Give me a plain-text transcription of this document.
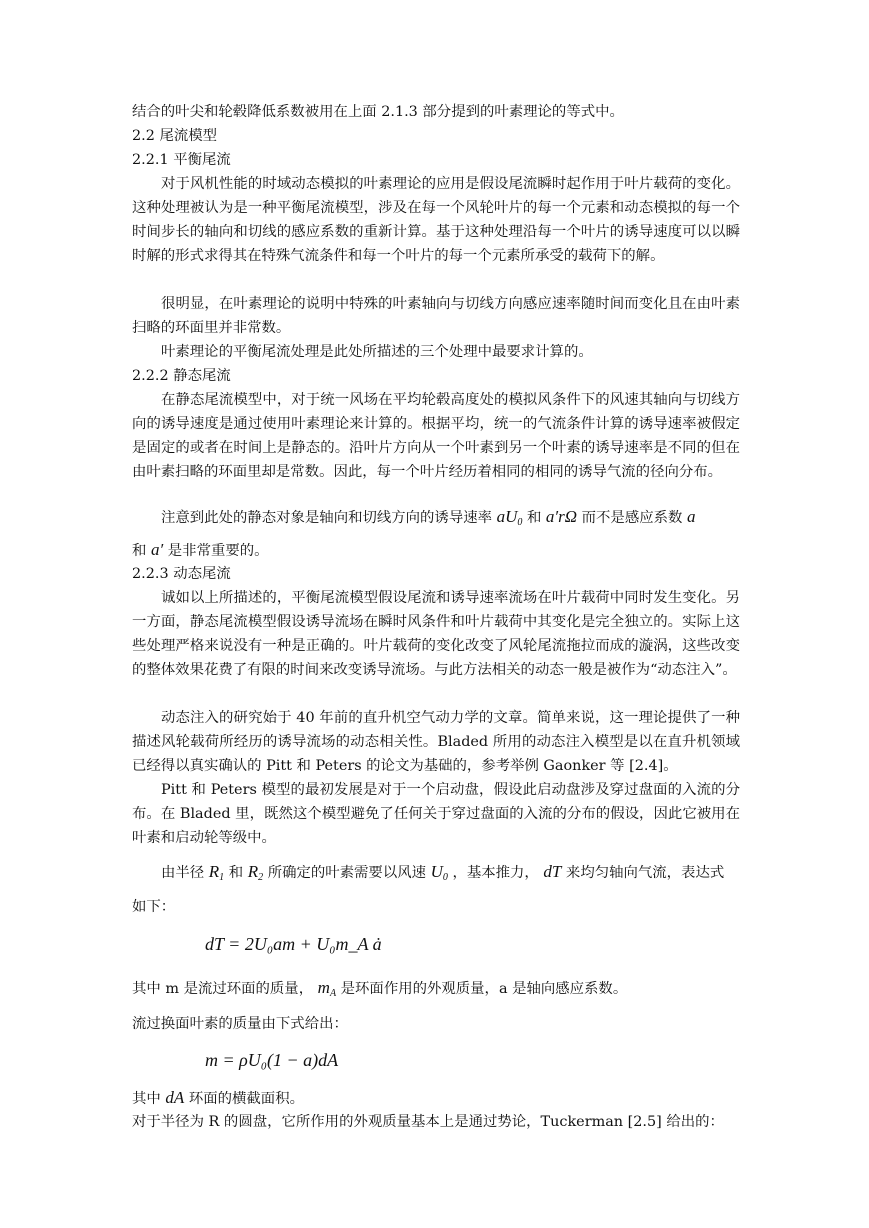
结合的叶尖和轮毂降低系数被用在上面 2.1.3 部分提到的叶素理论的等式中。

2.2 尾流模型

2.2.1 平衡尾流

对于风机性能的时域动态模拟的叶素理论的应用是假设尾流瞬时起作用于叶片载荷的变化。这种处理被认为是一种平衡尾流模型，涉及在每一个风轮叶片的每一个元素和动态模拟的每一个时间步长的轴向和切线的感应系数的重新计算。基于这种处理沿每一个叶片的诱导速度可以以瞬时解的形式求得其在特殊气流条件和每一个叶片的每一个元素所承受的载荷下的解。

很明显，在叶素理论的说明中特殊的叶素轴向与切线方向感应速率随时间而变化且在由叶素扫略的环面里并非常数。

叶素理论的平衡尾流处理是此处所描述的三个处理中最要求计算的。

2.2.2 静态尾流

在静态尾流模型中，对于统一风场在平均轮毂高度处的模拟风条件下的风速其轴向与切线方向的诱导速度是通过使用叶素理论来计算的。根据平均，统一的气流条件计算的诱导速率被假定是固定的或者在时间上是静态的。沿叶片方向从一个叶素到另一个叶素的诱导速率是不同的但在由叶素扫略的环面里却是常数。因此，每一个叶片经历着相同的相同的诱导气流的径向分布。

注意到此处的静态对象是轴向和切线方向的诱导速率 $aU_0$ 和 a′rΩ 而不是感应系数 a
和 a′ 是非常重要的。

2.2.3 动态尾流

诚如以上所描述的，平衡尾流模型假设尾流和诱导速率流场在叶片载荷中同时发生变化。另一方面，静态尾流模型假设诱导流场在瞬时风条件和叶片载荷中其变化是完全独立的。实际上这些处理严格来说没有一种是正确的。叶片载荷的变化改变了风轮尾流拖拉而成的漩涡，这些改变的整体效果花费了有限的时间来改变诱导流场。与此方法相关的动态一般是被作为“动态注入”。

动态注入的研究始于 40 年前的直升机空气动力学的文章。简单来说，这一理论提供了一种描述风轮载荷所经历的诱导流场的动态相关性。Bladed 所用的动态注入模型是以在直升机领域已经得以真实确认的 Pitt 和 Peters 的论文为基础的，参考举例 Gaonker 等 [2.4]。

Pitt 和 Peters 模型的最初发展是对于一个启动盘，假设此启动盘涉及穿过盘面的入流的分布。在 Bladed 里，既然这个模型避免了任何关于穿过盘面的入流的分布的假设，因此它被用在叶素和启动轮等级中。

由半径 $R_1$ 和 $R_2$ 所确定的叶素需要以风速 $U_0$ ，基本推力， dT 来均匀轴向气流，表达式
如下：
dT = 2U₀am + U₀m_A ȧ
其中 m 是流过环面的质量， $m_A$ 是环面作用的外观质量，a 是轴向感应系数。
流过换面叶素的质量由下式给出：
m = ρU₀(1 − a)dA
其中 dA 环面的横截面积。
对于半径为 R 的圆盘，它所作用的外观质量基本上是通过势论，Tuckerman [2.5] 给出的：
